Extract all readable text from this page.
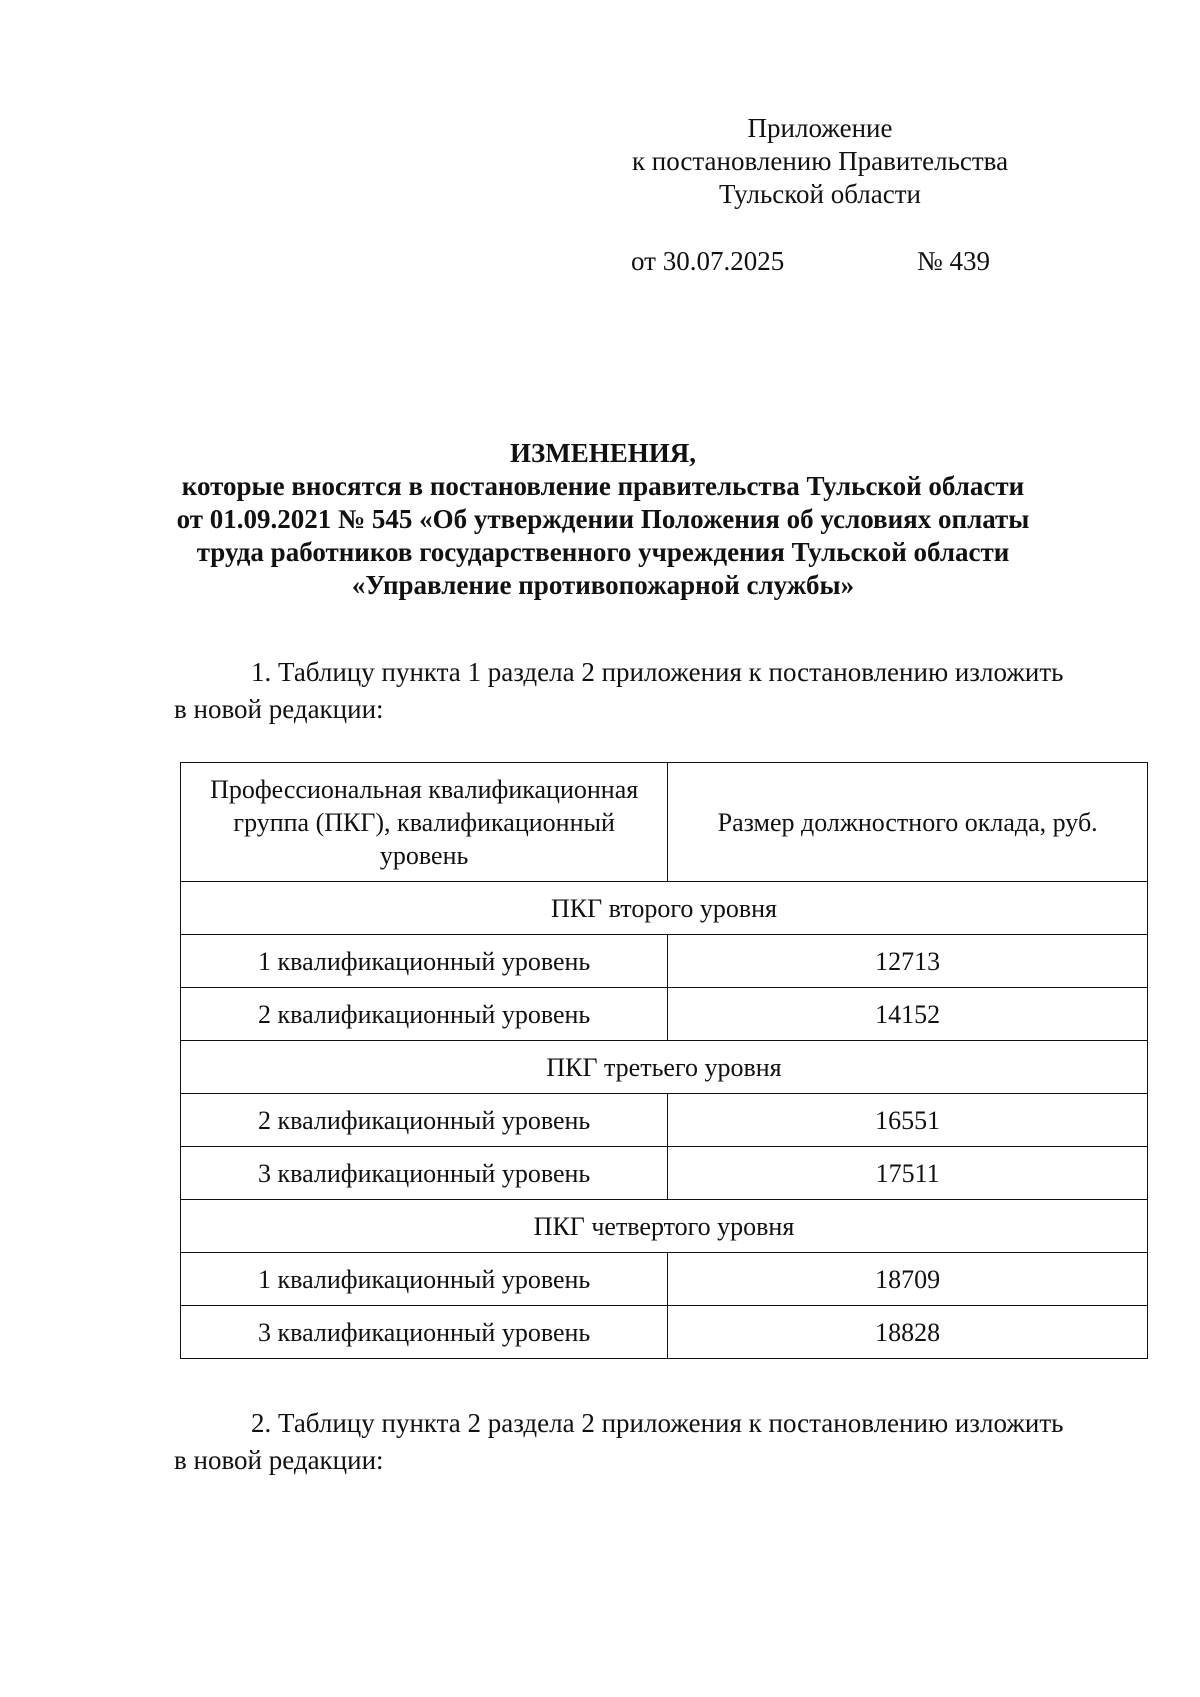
Приложение
к постановлению Правительства
Тульской области
от 30.07.2025	№ 439
ИЗМЕНЕНИЯ,
которые вносятся в постановление правительства Тульской области
от 01.09.2021 № 545 «Об утверждении Положения об условиях оплаты
труда работников государственного учреждения Тульской области
«Управление противопожарной службы»
1. Таблицу пункта 1 раздела 2 приложения к постановлению изложить
в новой редакции:
Профессиональная квалификационная
группа (ПКГ), квалификационный
уровень	Размер должностного оклада, руб.
ПКГ второго уровня	
1 квалификационный уровень	12713
2 квалификационный уровень	14152
ПКГ третьего уровня	
2 квалификационный уровень	16551
3 квалификационный уровень	17511
ПКГ четвертого уровня	
1 квалификационный уровень	18709
3 квалификационный уровень	18828
2. Таблицу пункта 2 раздела 2 приложения к постановлению изложить
в новой редакции:
